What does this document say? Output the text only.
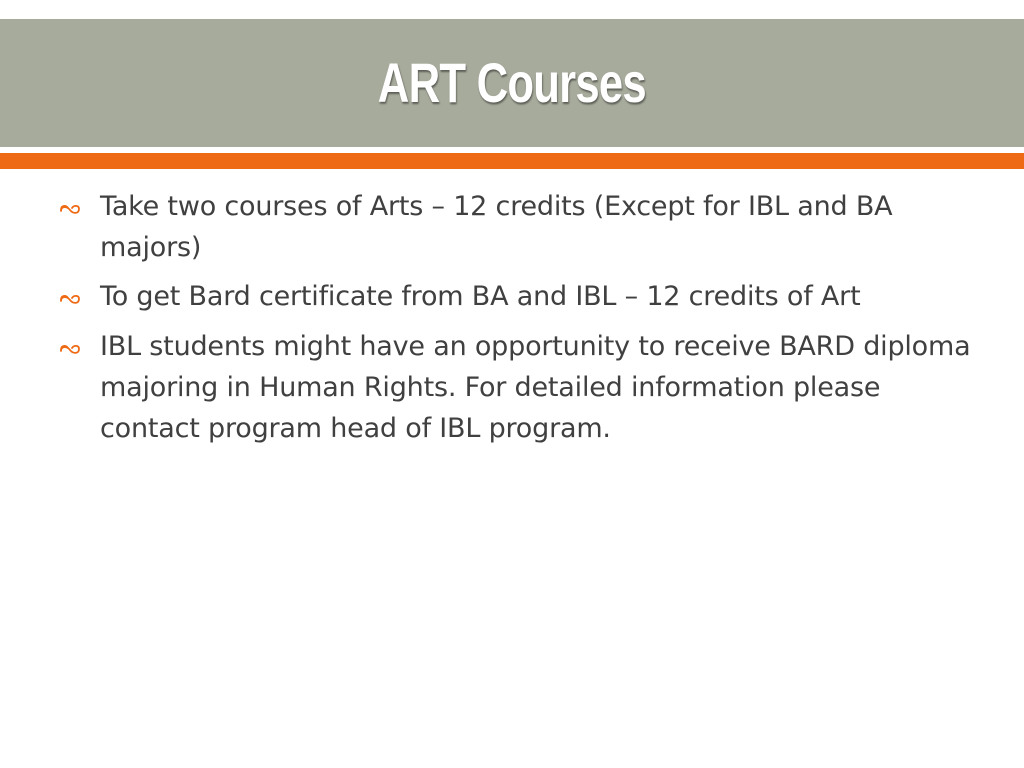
ART Courses
Take two courses of Arts – 12 credits (Except for IBL and BA majors)
To get Bard certificate from BA and IBL – 12 credits of Art
IBL students might have an opportunity to receive BARD diploma majoring in Human Rights. For detailed information please contact program head of IBL program.
